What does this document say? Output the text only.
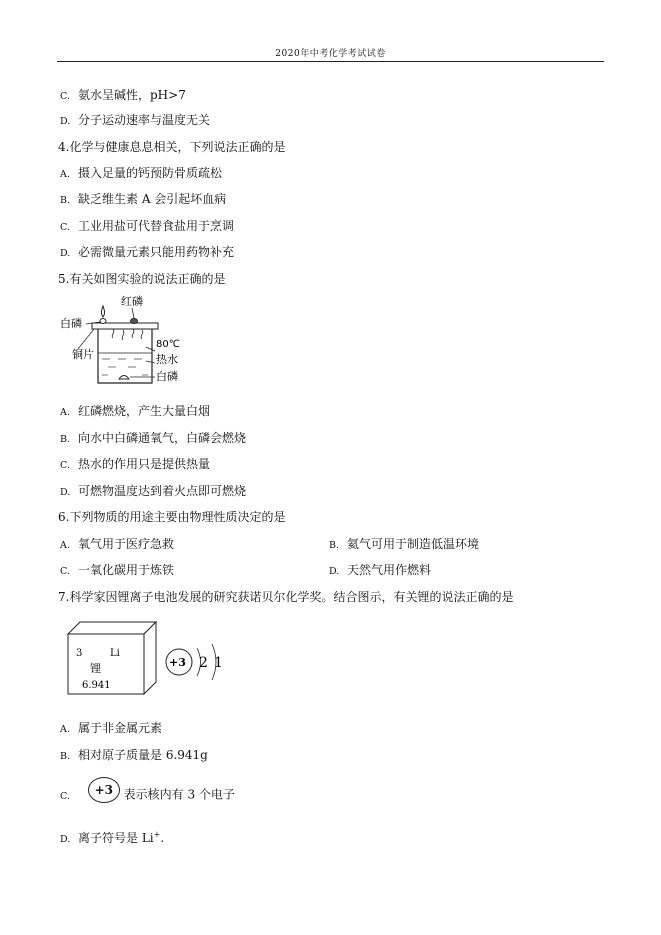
2020年中考化学考试试卷
C. 氨水呈碱性，pH>7
D. 分子运动速率与温度无关
4.化学与健康息息相关，下列说法正确的是
A. 摄入足量的钙预防骨质疏松
B. 缺乏维生素 A 会引起坏血病
C. 工业用盐可代替食盐用于烹调
D. 必需微量元素只能用药物补充
5.有关如图实验的说法正确的是
红磷
白磷
铜片
80℃
热水
白磷
A. 红磷燃烧，产生大量白烟
B. 向水中白磷通氧气，白磷会燃烧
C. 热水的作用只是提供热量
D. 可燃物温度达到着火点即可燃烧
6.下列物质的用途主要由物理性质决定的是
A. 氧气用于医疗急救	B. 氦气可用于制造低温环境
C. 一氧化碳用于炼铁	D. 天然气用作燃料
7.科学家因锂离子电池发展的研究获诺贝尔化学奖。结合图示，有关锂的说法正确的是
3	Li
锂
6.941
+3 2 1
A. 属于非金属元素
B. 相对原子质量是 6.941g
C. +3 表示核内有 3 个电子
D. 离子符号是 Li+.
